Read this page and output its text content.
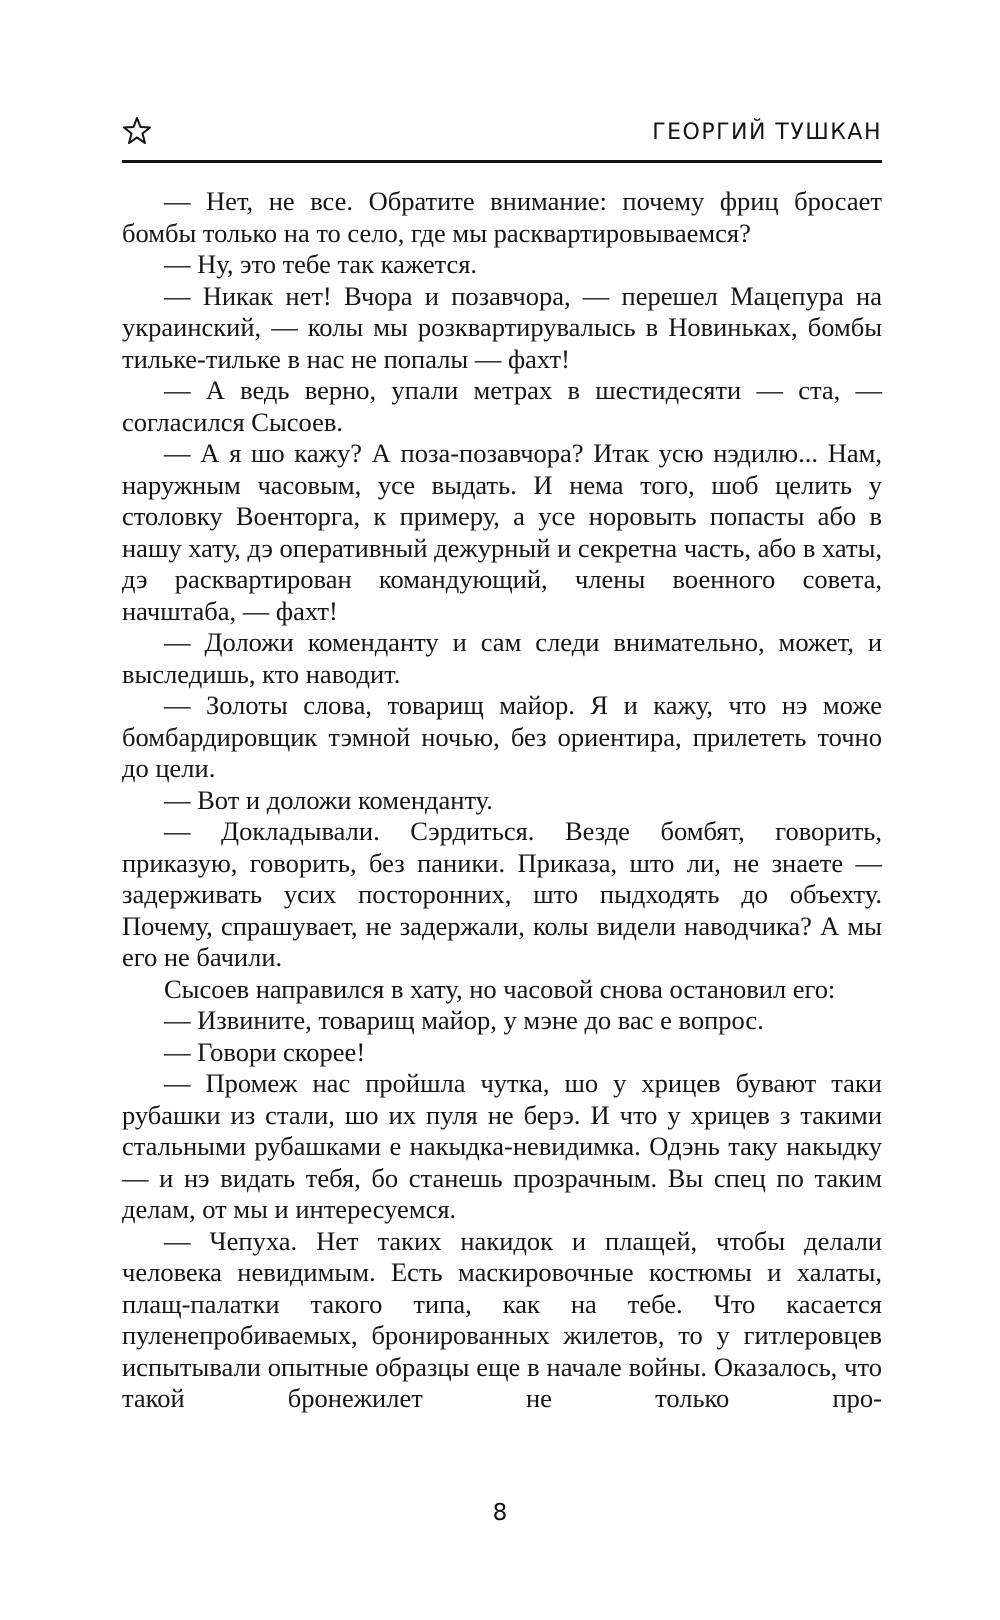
ГЕОРГИЙ ТУШКАН

— Нет, не все. Обратите внимание: почему фриц бросает бомбы только на то село, где мы расквартировываемся?

— Ну, это тебе так кажется.

— Никак нет! Вчора и позавчора, — перешел Мацепура на украинский, — колы мы розквартирувалысь в Новиньках, бомбы тильке-тильке в нас не попалы — фахт!

— А ведь верно, упали метрах в шестидесяти — ста, — согласился Сысоев.

— А я шо кажу? А поза-позавчора? Итак усю нэдилю... Нам, наружным часовым, усе выдать. И нема того, шоб целить у столовку Военторга, к примеру, а усе норовыть попасты або в нашу хату, дэ оперативный дежурный и секретна часть, або в хаты, дэ расквартирован командующий, члены военного совета, начштаба, — фахт!

— Доложи коменданту и сам следи внимательно, может, и выследишь, кто наводит.

— Золоты слова, товарищ майор. Я и кажу, что нэ може бомбардировщик тэмной ночью, без ориентира, прилететь точно до цели.

— Вот и доложи коменданту.

— Докладывали. Сэрдиться. Везде бомбят, говорить, приказую, говорить, без паники. Приказа, што ли, не знаете — задерживать усих посторонних, што пыдходять до объехту. Почему, спрашувает, не задержали, колы видели наводчика? А мы его не бачили.

Сысоев направился в хату, но часовой снова остановил его:

— Извините, товарищ майор, у мэне до вас е вопрос.

— Говори скорее!

— Промеж нас пройшла чутка, шо у хрицев бувают таки рубашки из стали, шо их пуля не берэ. И что у хрицев з такими стальными рубашками е накыдка-невидимка. Одэнь таку накыдку — и нэ видать тебя, бо станешь прозрачным. Вы спец по таким делам, от мы и интересуемся.

— Чепуха. Нет таких накидок и плащей, чтобы делали человека невидимым. Есть маскировочные костюмы и халаты, плащ-палатки такого типа, как на тебе. Что касается пуленепробиваемых, бронированных жилетов, то у гитлеровцев испытывали опытные образцы еще в начале войны. Оказалось, что такой бронежилет не только про-

8
